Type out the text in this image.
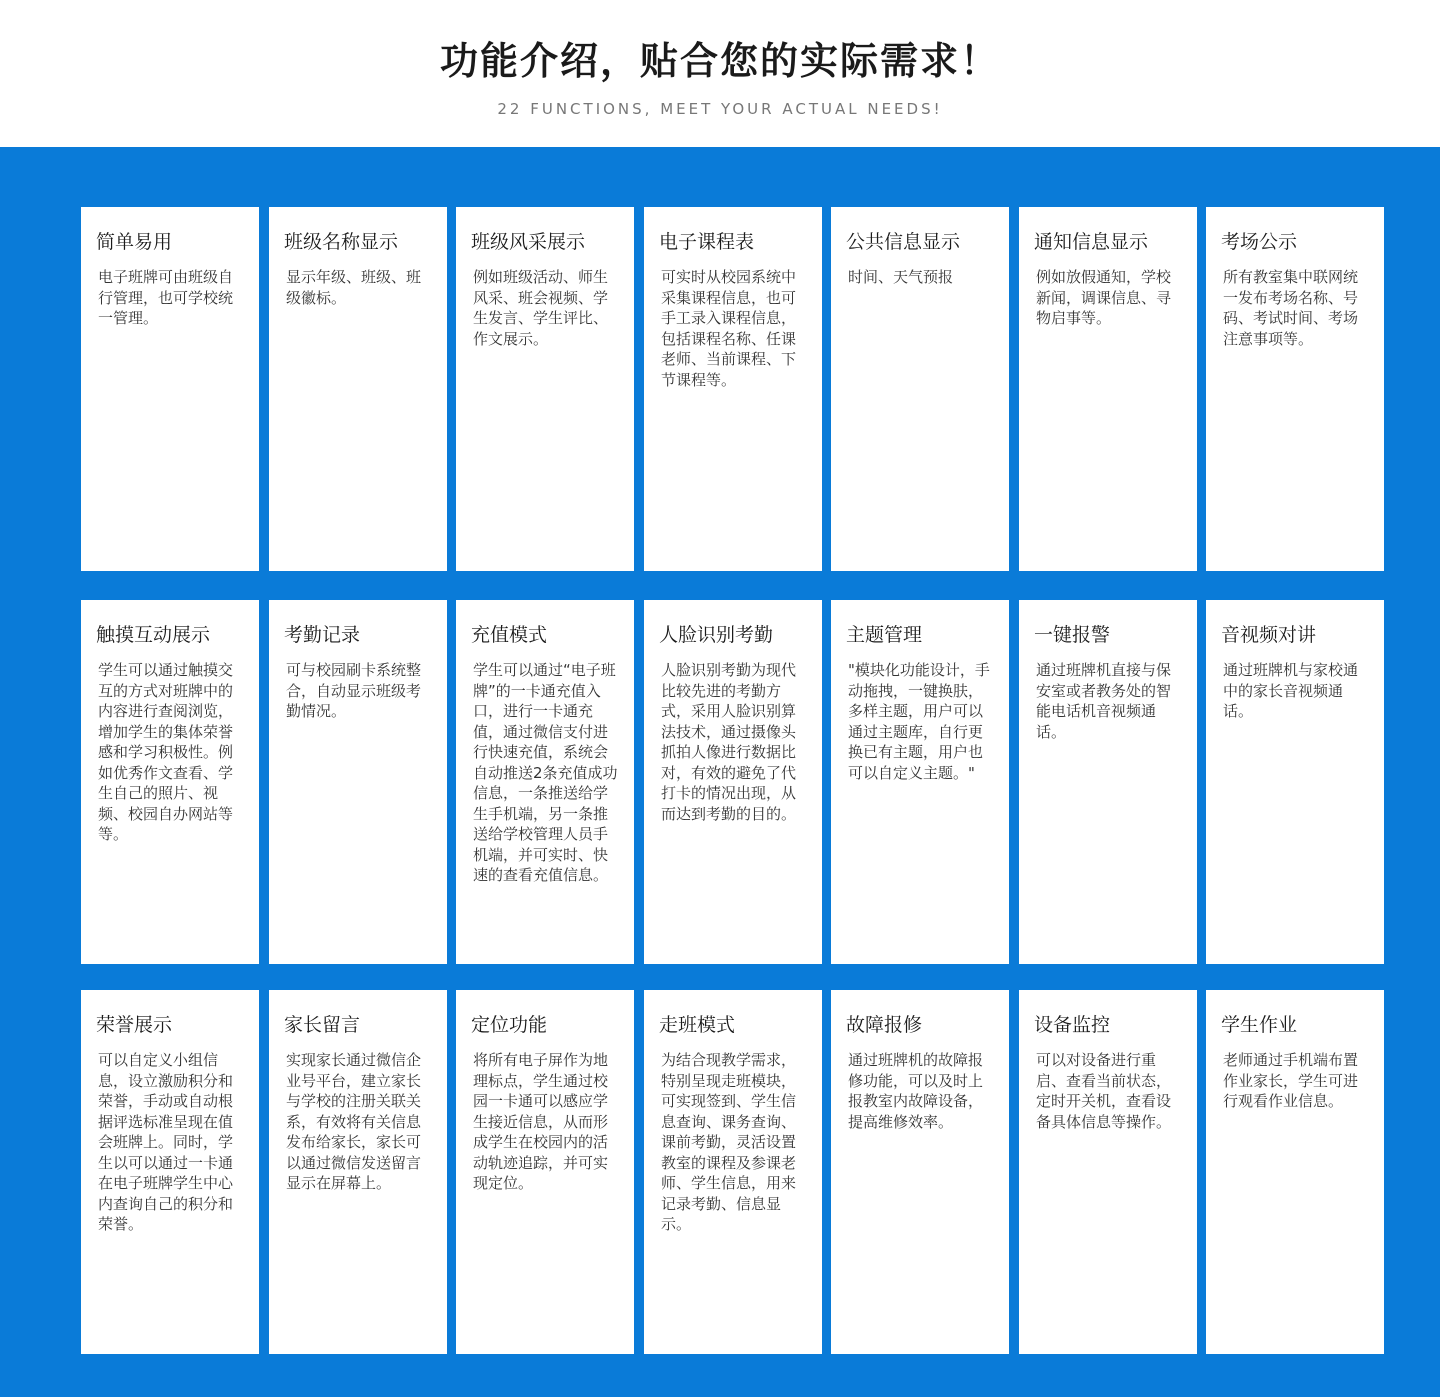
功能介绍，贴合您的实际需求！
22 FUNCTIONS, MEET YOUR ACTUAL NEEDS!
简单易用
电子班牌可由班级自行管理，也可学校统一管理。
班级名称显示
显示年级、班级、班级徽标。
班级风采展示
例如班级活动、师生风采、班会视频、学生发言、学生评比、作文展示。
电子课程表
可实时从校园系统中采集课程信息，也可手工录入课程信息，包括课程名称、任课老师、当前课程、下节课程等。
公共信息显示
时间、天气预报
通知信息显示
例如放假通知，学校新闻，调课信息、寻物启事等。
考场公示
所有教室集中联网统一发布考场名称、号码、考试时间、考场注意事项等。
触摸互动展示
学生可以通过触摸交互的方式对班牌中的内容进行查阅浏览，增加学生的集体荣誉感和学习积极性。例如优秀作文查看、学生自己的照片、视频、校园自办网站等等。
考勤记录
可与校园刷卡系统整合，自动显示班级考勤情况。
充值模式
学生可以通过“电子班牌”的一卡通充值入口，进行一卡通充值，通过微信支付进行快速充值，系统会自动推送2条充值成功信息，一条推送给学生手机端，另一条推送给学校管理人员手机端，并可实时、快速的查看充值信息。
人脸识别考勤
人脸识别考勤为现代比较先进的考勤方式，采用人脸识别算法技术，通过摄像头抓拍人像进行数据比对，有效的避免了代打卡的情况出现，从而达到考勤的目的。
主题管理
"模块化功能设计，手动拖拽，一键换肤，多样主题，用户可以通过主题库，自行更换已有主题，用户也可以自定义主题。"
一键报警
通过班牌机直接与保安室或者教务处的智能电话机音视频通话。
音视频对讲
通过班牌机与家校通中的家长音视频通话。
荣誉展示
可以自定义小组信息，设立激励积分和荣誉，手动或自动根据评选标准呈现在值会班牌上。同时，学生以可以通过一卡通在电子班牌学生中心内查询自己的积分和荣誉。
家长留言
实现家长通过微信企业号平台，建立家长与学校的注册关联关系，有效将有关信息发布给家长，家长可以通过微信发送留言显示在屏幕上。
定位功能
将所有电子屏作为地理标点，学生通过校园一卡通可以感应学生接近信息，从而形成学生在校园内的活动轨迹追踪，并可实现定位。
走班模式
为结合现教学需求，特别呈现走班模块，可实现签到、学生信息查询、课务查询、课前考勤，灵活设置教室的课程及参课老师、学生信息，用来记录考勤、信息显示。
故障报修
通过班牌机的故障报修功能，可以及时上报教室内故障设备，提高维修效率。
设备监控
可以对设备进行重启、查看当前状态，定时开关机，查看设备具体信息等操作。
学生作业
老师通过手机端布置作业家长，学生可进行观看作业信息。
